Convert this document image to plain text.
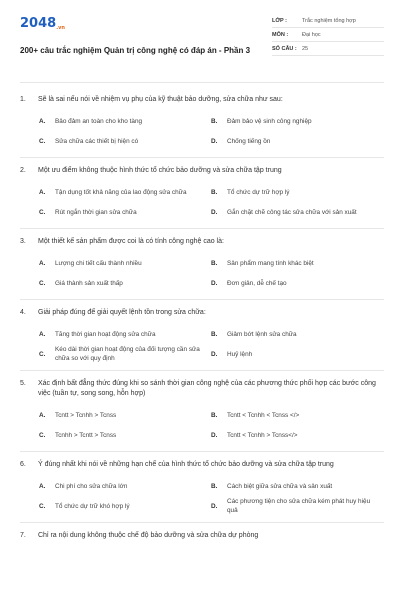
2048.vn
200+ câu trắc nghiệm Quản trị công nghệ có đáp án - Phần 3
LỚP :	Trắc nghiệm tổng hợp
MÔN :	Đại học
SỐ CÂU : 25
1.	Sẽ là sai nếu nói về nhiệm vụ phụ của kỹ thuật bảo dưỡng, sửa chữa như sau:
A.	Bảo đảm an toàn cho kho tàng	B.	Đảm bảo vệ sinh công nghiệp
C.	Sửa chữa các thiết bị hiện có	D.	Chống tiếng ồn
2.	Một ưu điểm không thuộc hình thức tổ chức bảo dưỡng và sửa chữa tập trung
A.	Tận dụng tốt khả năng của lao động sửa chữa	B.	Tổ chức dự trữ hợp lý
C.	Rút ngắn thời gian sửa chữa	D.	Gắn chặt chẽ công tác sửa chữa với sản xuất
3.	Một thiết kế sản phẩm được coi là có tính công nghệ cao là:
A.	Lượng chi tiết cấu thành nhiều	B.	Sản phẩm mang tính khác biệt
C.	Giá thành sản xuất thấp	D.	Đơn giản, dễ chế tạo
4.	Giải pháp đúng để giải quyết lệnh tồn trong sửa chữa:
A.	Tăng thời gian hoạt động sửa chữa	B.	Giảm bớt lệnh sửa chữa
C.
Kéo dài thời gian hoạt động của đối tượng cần sửa chữa so với quy định
D.	Huỷ lệnh
5.	Xác định bất đẳng thức đúng khi so sánh thời gian công nghệ của các phương thức phối hợp các bước công việc (tuần tự, song song, hỗn hợp)
A.	Tcntt > Tcnhh > Tcnss	B.	Tcntt < Tcnhh < Tcnss </>
C.	Tcnhh > Tcntt > Tcnss	D.	Tcntt < Tcnhh > Tcnss</>
6.	Ý đúng nhất khi nói về những hạn chế của hình thức tổ chức bảo dưỡng và sửa chữa tập trung
A.	Chi phí cho sửa chữa lớn	B.	Cách biệt giữa sửa chữa và sản xuất
C.	Tổ chức dự trữ khó hợp lý	D.
Các phương tiện cho sửa chữa kém phát huy hiệu quả
7.	Chỉ ra nội dung không thuộc chế độ bảo dưỡng và sửa chữa dự phòng
